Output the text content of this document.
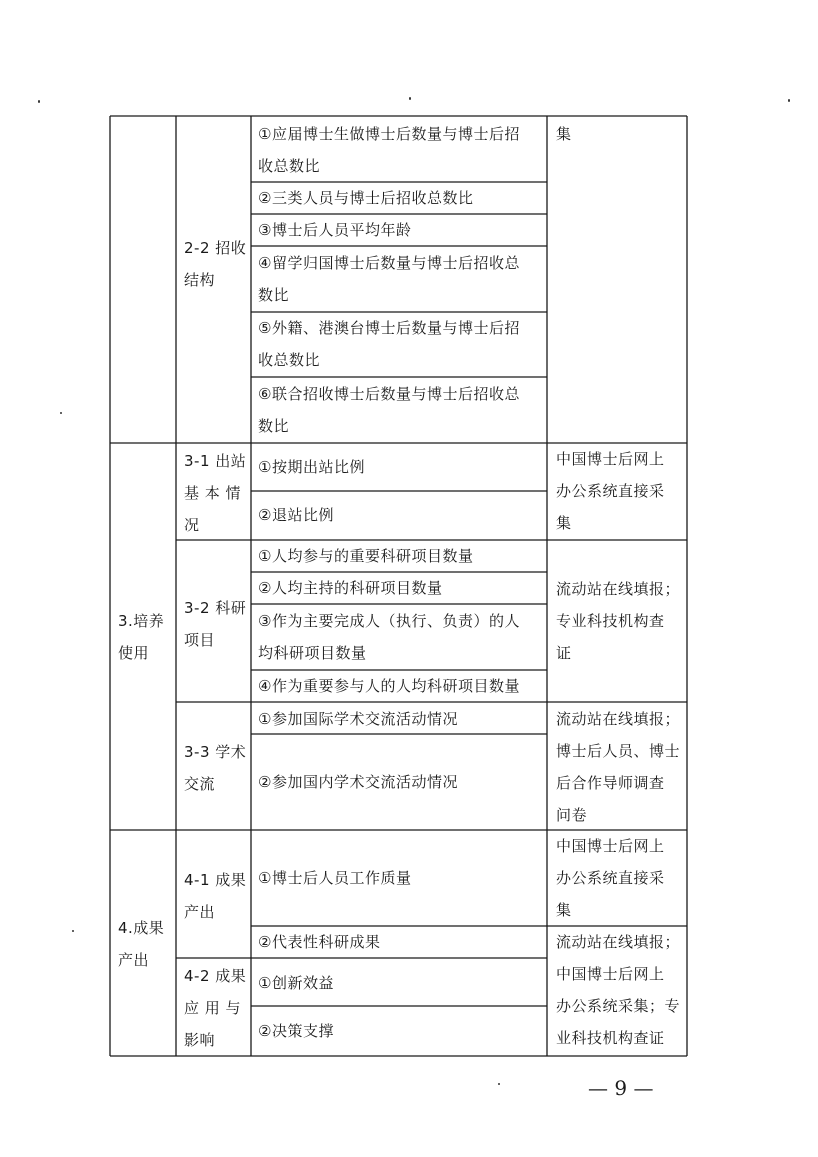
2-2 招收
结构
①应届博士生做博士后数量与博士后招
收总数比
②三类人员与博士后招收总数比
③博士后人员平均年龄
④留学归国博士后数量与博士后招收总
数比
⑤外籍、港澳台博士后数量与博士后招
收总数比
⑥联合招收博士后数量与博士后招收总
数比
集
3.培养
使用
3-1 出站
基 本 情
况
①按期出站比例
②退站比例
中国博士后网上
办公系统直接采
集
3-2 科研
项目
①人均参与的重要科研项目数量
②人均主持的科研项目数量
③作为主要完成人（执行、负责）的人
均科研项目数量
④作为重要参与人的人均科研项目数量
流动站在线填报；
专业科技机构查
证
3-3 学术
交流
①参加国际学术交流活动情况
②参加国内学术交流活动情况
流动站在线填报；
博士后人员、博士
后合作导师调查
问卷
4.成果
产出
4-1 成果
产出
①博士后人员工作质量
②代表性科研成果
中国博士后网上
办公系统直接采
集
4-2 成果
应 用 与
影响
①创新效益
②决策支撑
流动站在线填报；
中国博士后网上
办公系统采集；专
业科技机构查证
— 9 —
